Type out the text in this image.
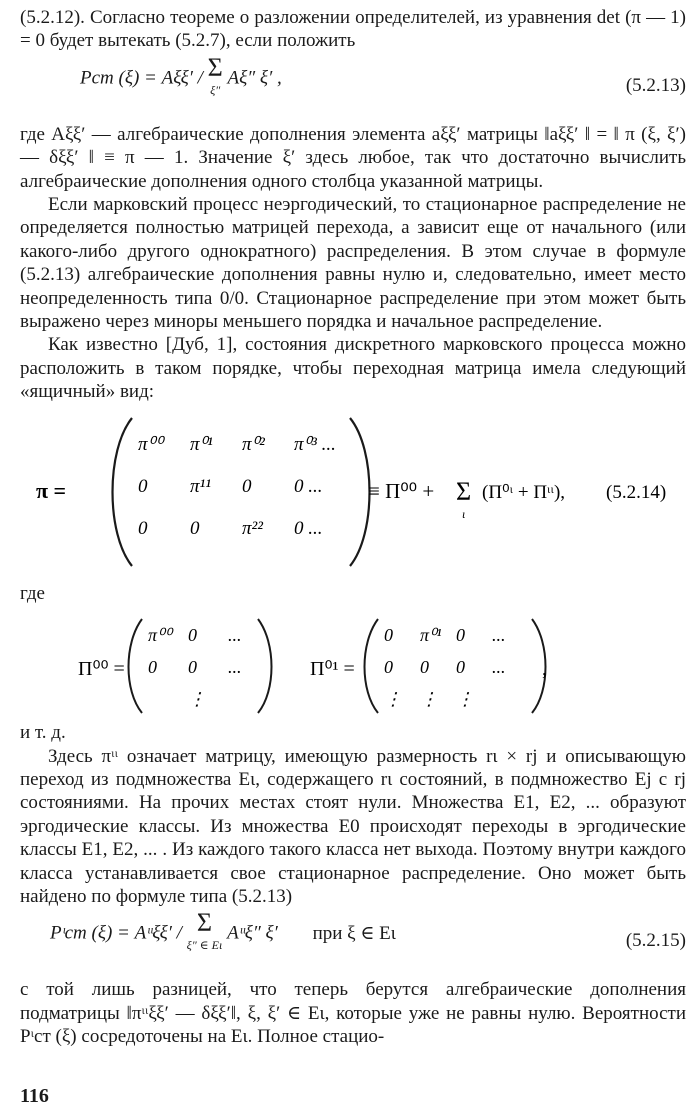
(5.2.12). Согласно теореме о разложении определителей, из уравнения det (π — 1) = 0 будет вытекать (5.2.7), если положить

Pст (ξ) = Aξξ′ / Σ
ξ″ Aξ″ ξ′ ,	(5.2.13)

где Aξξ′ — алгебраические дополнения элемента aξξ′ матрицы ‖aξξ′ ‖ = ‖ π (ξ, ξ′) — δξξ′ ‖ ≡ π — 1. Значение ξ′ здесь любое, так что достаточно вычислить алгебраические дополнения одного столбца указанной матрицы.

Если марковский процесс неэргодический, то стационарное распределение не определяется полностью матрицей перехода, а зависит еще от начального (или какого-либо другого однократного) распределения. В этом случае в формуле (5.2.13) алгебраические дополнения равны нулю и, следовательно, имеет место неопределенность типа 0/0. Стационарное распределение при этом может быть выражено через миноры меньшего порядка и начальное распределение.

Как известно [Дуб, 1], состояния дискретного марковского процесса можно расположить в таком порядке, чтобы переходная матрица имела следующий «ящичный» вид:

π =
π⁰⁰ π⁰¹ π⁰² π⁰³ ...
0 π¹¹ 0 0 ...
0 0 π²² 0 ...
≡ Π⁰⁰ + Σ
ι
(Π⁰ᶥ + Πᶥᶥ), (5.2.14)

где

Π⁰⁰ =
π⁰⁰ 0 ...
0 0 ...
⋮
Π⁰¹ =
0 π⁰¹ 0 ...
0 0 0 ...
⋮ ⋮ ⋮
,

и т. д.

Здесь πᶥᶥ означает матрицу, имеющую размерность rι × rj и описывающую переход из подмножества Eι, содержащего rι состояний, в подмножество Ej с rj состояниями. На прочих местах стоят нули. Множества E1, E2, ... образуют эргодические классы. Из множества E0 происходят переходы в эргодические классы E1, E2, ... . Из каждого такого класса нет выхода. Поэтому внутри каждого класса устанавливается свое стационарное распределение. Оно может быть найдено по формуле типа (5.2.13)

Pᶥст (ξ) = Aᶥᶥξξ′ / Σ
ξ″ ∈ Eι Aᶥᶥξ″ ξ′ при ξ ∈ Eι	(5.2.15)

с той лишь разницей, что теперь берутся алгебраические дополнения подматрицы ‖πᶥᶥξξ′ — δξξ′‖, ξ, ξ′ ∈ Eι, которые уже не равны нулю. Вероятности Pᶥст (ξ) сосредоточены на Eι. Полное стацио-

116
